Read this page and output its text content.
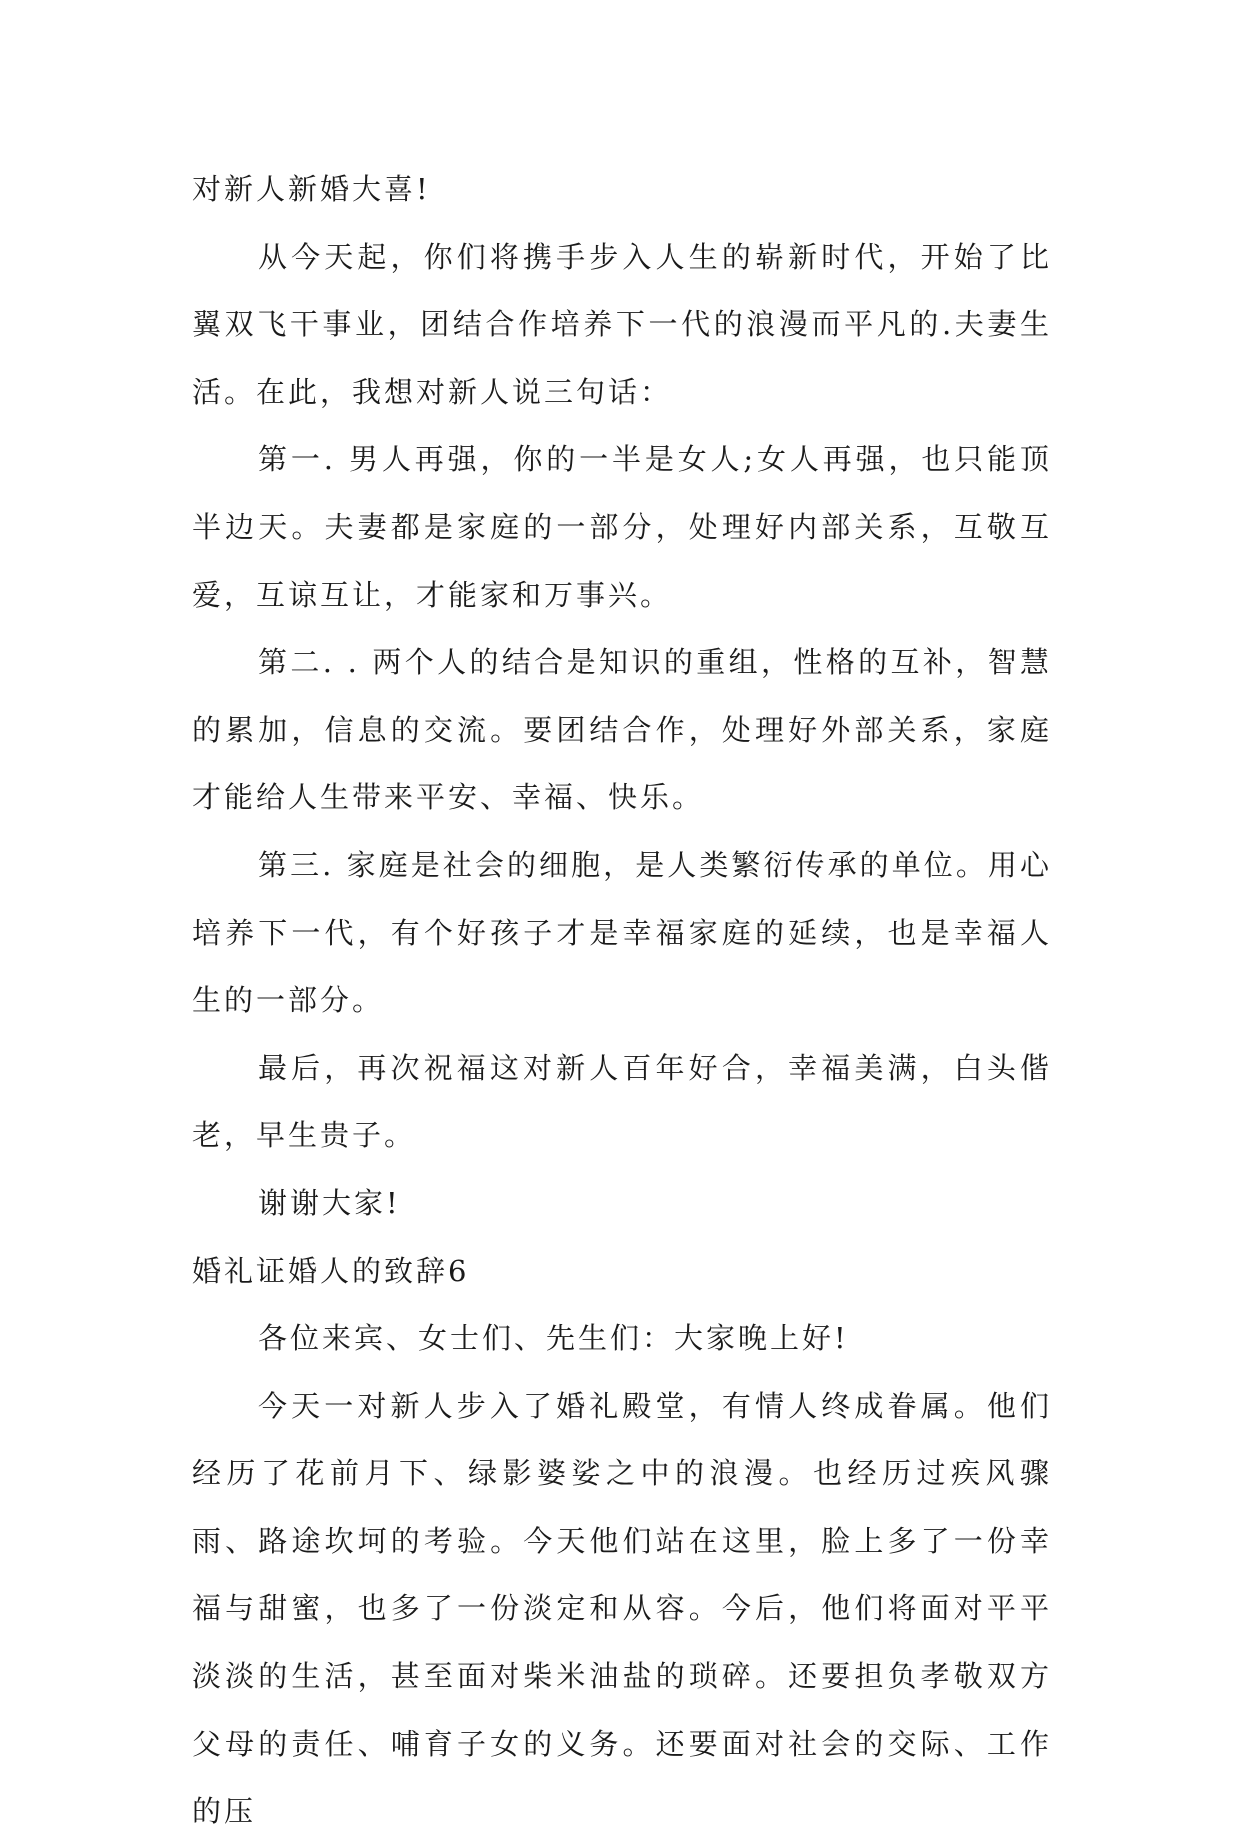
对新人新婚大喜!

从今天起，你们将携手步入人生的崭新时代，开始了比翼双飞干事业，团结合作培养下一代的浪漫而平凡的.夫妻生活。在此，我想对新人说三句话：

第一. 男人再强，你的一半是女人;女人再强，也只能顶半边天。夫妻都是家庭的一部分，处理好内部关系，互敬互爱，互谅互让，才能家和万事兴。

第二. . 两个人的结合是知识的重组，性格的互补，智慧的累加，信息的交流。要团结合作，处理好外部关系，家庭才能给人生带来平安、幸福、快乐。

第三. 家庭是社会的细胞，是人类繁衍传承的单位。用心培养下一代，有个好孩子才是幸福家庭的延续，也是幸福人生的一部分。

最后，再次祝福这对新人百年好合，幸福美满，白头偕老，早生贵子。

谢谢大家!

婚礼证婚人的致辞6

各位来宾、女士们、先生们：大家晚上好!

今天一对新人步入了婚礼殿堂，有情人终成眷属。他们经历了花前月下、绿影婆娑之中的浪漫。也经历过疾风骤雨、路途坎坷的考验。今天他们站在这里，脸上多了一份幸福与甜蜜，也多了一份淡定和从容。今后，他们将面对平平淡淡的生活，甚至面对柴米油盐的琐碎。还要担负孝敬双方父母的责任、哺育子女的义务。还要面对社会的交际、工作的压
